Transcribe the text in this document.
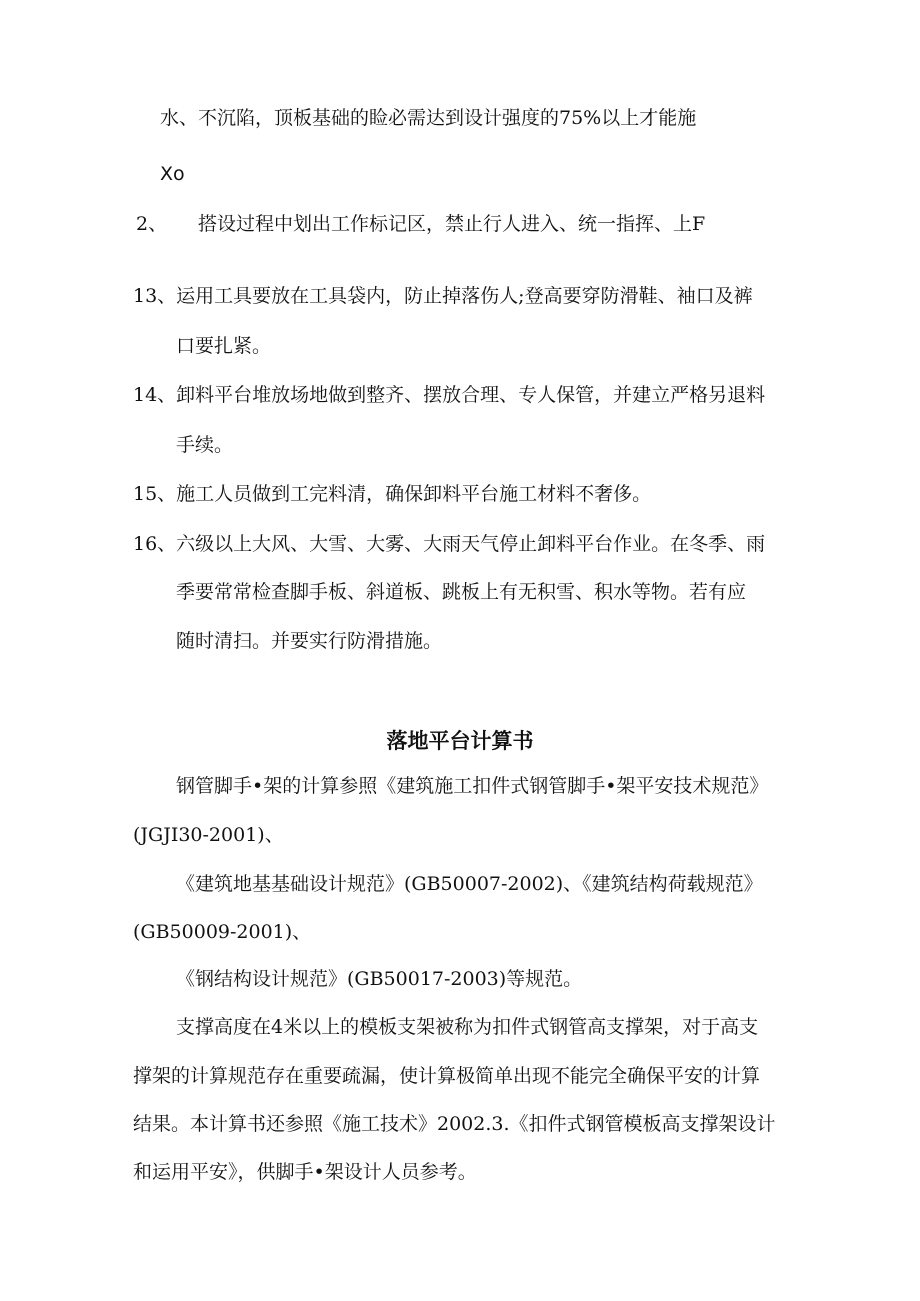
水、不沉陷，顶板基础的睑必需达到设计强度的75%以上才能施

Xo

2、 搭设过程中划出工作标记区，禁止行人进入、统一指挥、上F

13、运用工具要放在工具袋内，防止掉落伤人;登高要穿防滑鞋、袖口及裤

口要扎紧。

14、卸料平台堆放场地做到整齐、摆放合理、专人保管，并建立严格另退料

手续。

15、施工人员做到工完料清，确保卸料平台施工材料不奢侈。

16、六级以上大风、大雪、大雾、大雨天气停止卸料平台作业。在冬季、雨

季要常常检查脚手板、斜道板、跳板上有无积雪、积水等物。若有应

随时清扫。并要实行防滑措施。

落地平台计算书

钢管脚手•架的计算参照《建筑施工扣件式钢管脚手•架平安技术规范》

(JGJI30-2001)、

《建筑地基基础设计规范》(GB50007-2002)、《建筑结构荷载规范》

(GB50009-2001)、

《钢结构设计规范》(GB50017-2003)等规范。

支撑高度在4米以上的模板支架被称为扣件式钢管高支撑架，对于高支

撑架的计算规范存在重要疏漏，使计算极简单出现不能完全确保平安的计算

结果。本计算书还参照《施工技术》2002.3.《扣件式钢管模板高支撑架设计

和运用平安》，供脚手•架设计人员参考。
